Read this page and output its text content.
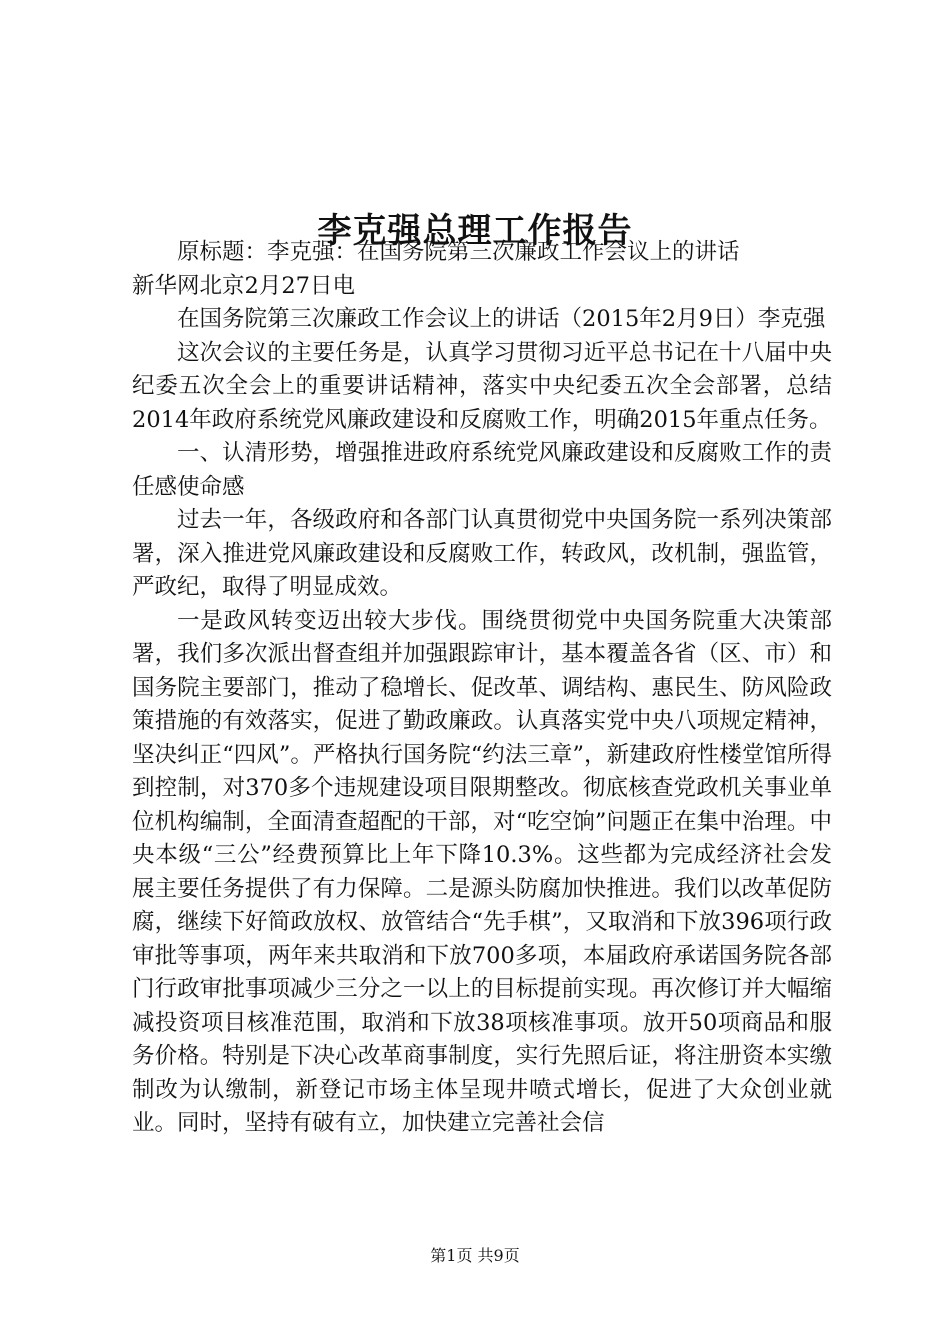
李克强总理工作报告

原标题：李克强：在国务院第三次廉政工作会议上的讲话

新华网北京2月27日电

在国务院第三次廉政工作会议上的讲话（2015年2月9日）李克强

这次会议的主要任务是，认真学习贯彻习近平总书记在十八届中央纪委五次全会上的重要讲话精神，落实中央纪委五次全会部署，总结2014年政府系统党风廉政建设和反腐败工作，明确2015年重点任务。

一、认清形势，增强推进政府系统党风廉政建设和反腐败工作的责任感使命感

过去一年，各级政府和各部门认真贯彻党中央国务院一系列决策部署，深入推进党风廉政建设和反腐败工作，转政风，改机制，强监管，严政纪，取得了明显成效。

一是政风转变迈出较大步伐。围绕贯彻党中央国务院重大决策部署，我们多次派出督查组并加强跟踪审计，基本覆盖各省（区、市）和国务院主要部门，推动了稳增长、促改革、调结构、惠民生、防风险政策措施的有效落实，促进了勤政廉政。认真落实党中央八项规定精神，坚决纠正“四风”。严格执行国务院“约法三章”，新建政府性楼堂馆所得到控制，对370多个违规建设项目限期整改。彻底核查党政机关事业单位机构编制，全面清查超配的干部，对“吃空饷”问题正在集中治理。中央本级“三公”经费预算比上年下降10.3%。这些都为完成经济社会发展主要任务提供了有力保障。二是源头防腐加快推进。我们以改革促防腐，继续下好简政放权、放管结合“先手棋”，又取消和下放396项行政审批等事项，两年来共取消和下放700多项，本届政府承诺国务院各部门行政审批事项减少三分之一以上的目标提前实现。再次修订并大幅缩减投资项目核准范围，取消和下放38项核准事项。放开50项商品和服务价格。特别是下决心改革商事制度，实行先照后证，将注册资本实缴制改为认缴制，新登记市场主体呈现井喷式增长，促进了大众创业就业。同时，坚持有破有立，加快建立完善社会信

第1页 共9页
